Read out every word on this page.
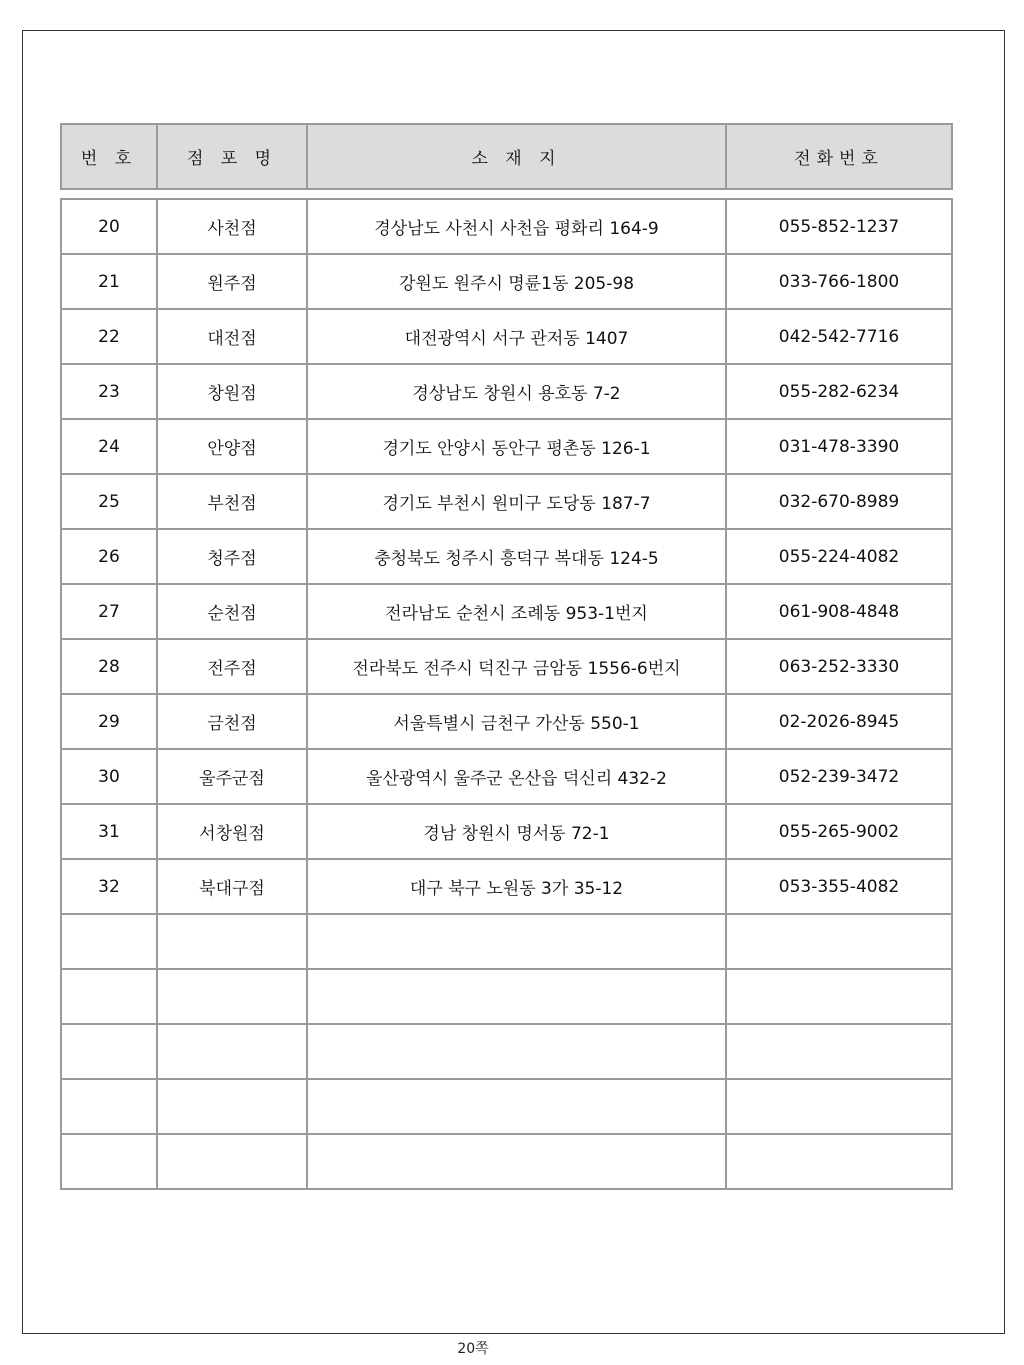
번 호	점 포 명	소 재 지	전화번호
20	사천점	경상남도 사천시 사천읍 평화리 164-9	055-852-1237
21	원주점	강원도 원주시 명륜1동 205-98	033-766-1800
22	대전점	대전광역시 서구 관저동 1407	042-542-7716
23	창원점	경상남도 창원시 용호동 7-2	055-282-6234
24	안양점	경기도 안양시 동안구 평촌동 126-1	031-478-3390
25	부천점	경기도 부천시 원미구 도당동 187-7	032-670-8989
26	청주점	충청북도 청주시 흥덕구 복대동 124-5	055-224-4082
27	순천점	전라남도 순천시 조례동 953-1번지	061-908-4848
28	전주점	전라북도 전주시 덕진구 금암동 1556-6번지	063-252-3330
29	금천점	서울특별시 금천구 가산동 550-1	02-2026-8945
30	울주군점	울산광역시 울주군 온산읍 덕신리 432-2	052-239-3472
31	서창원점	경남 창원시 명서동 72-1	055-265-9002
32	북대구점	대구 북구 노원동 3가 35-12	053-355-4082

20쪽
